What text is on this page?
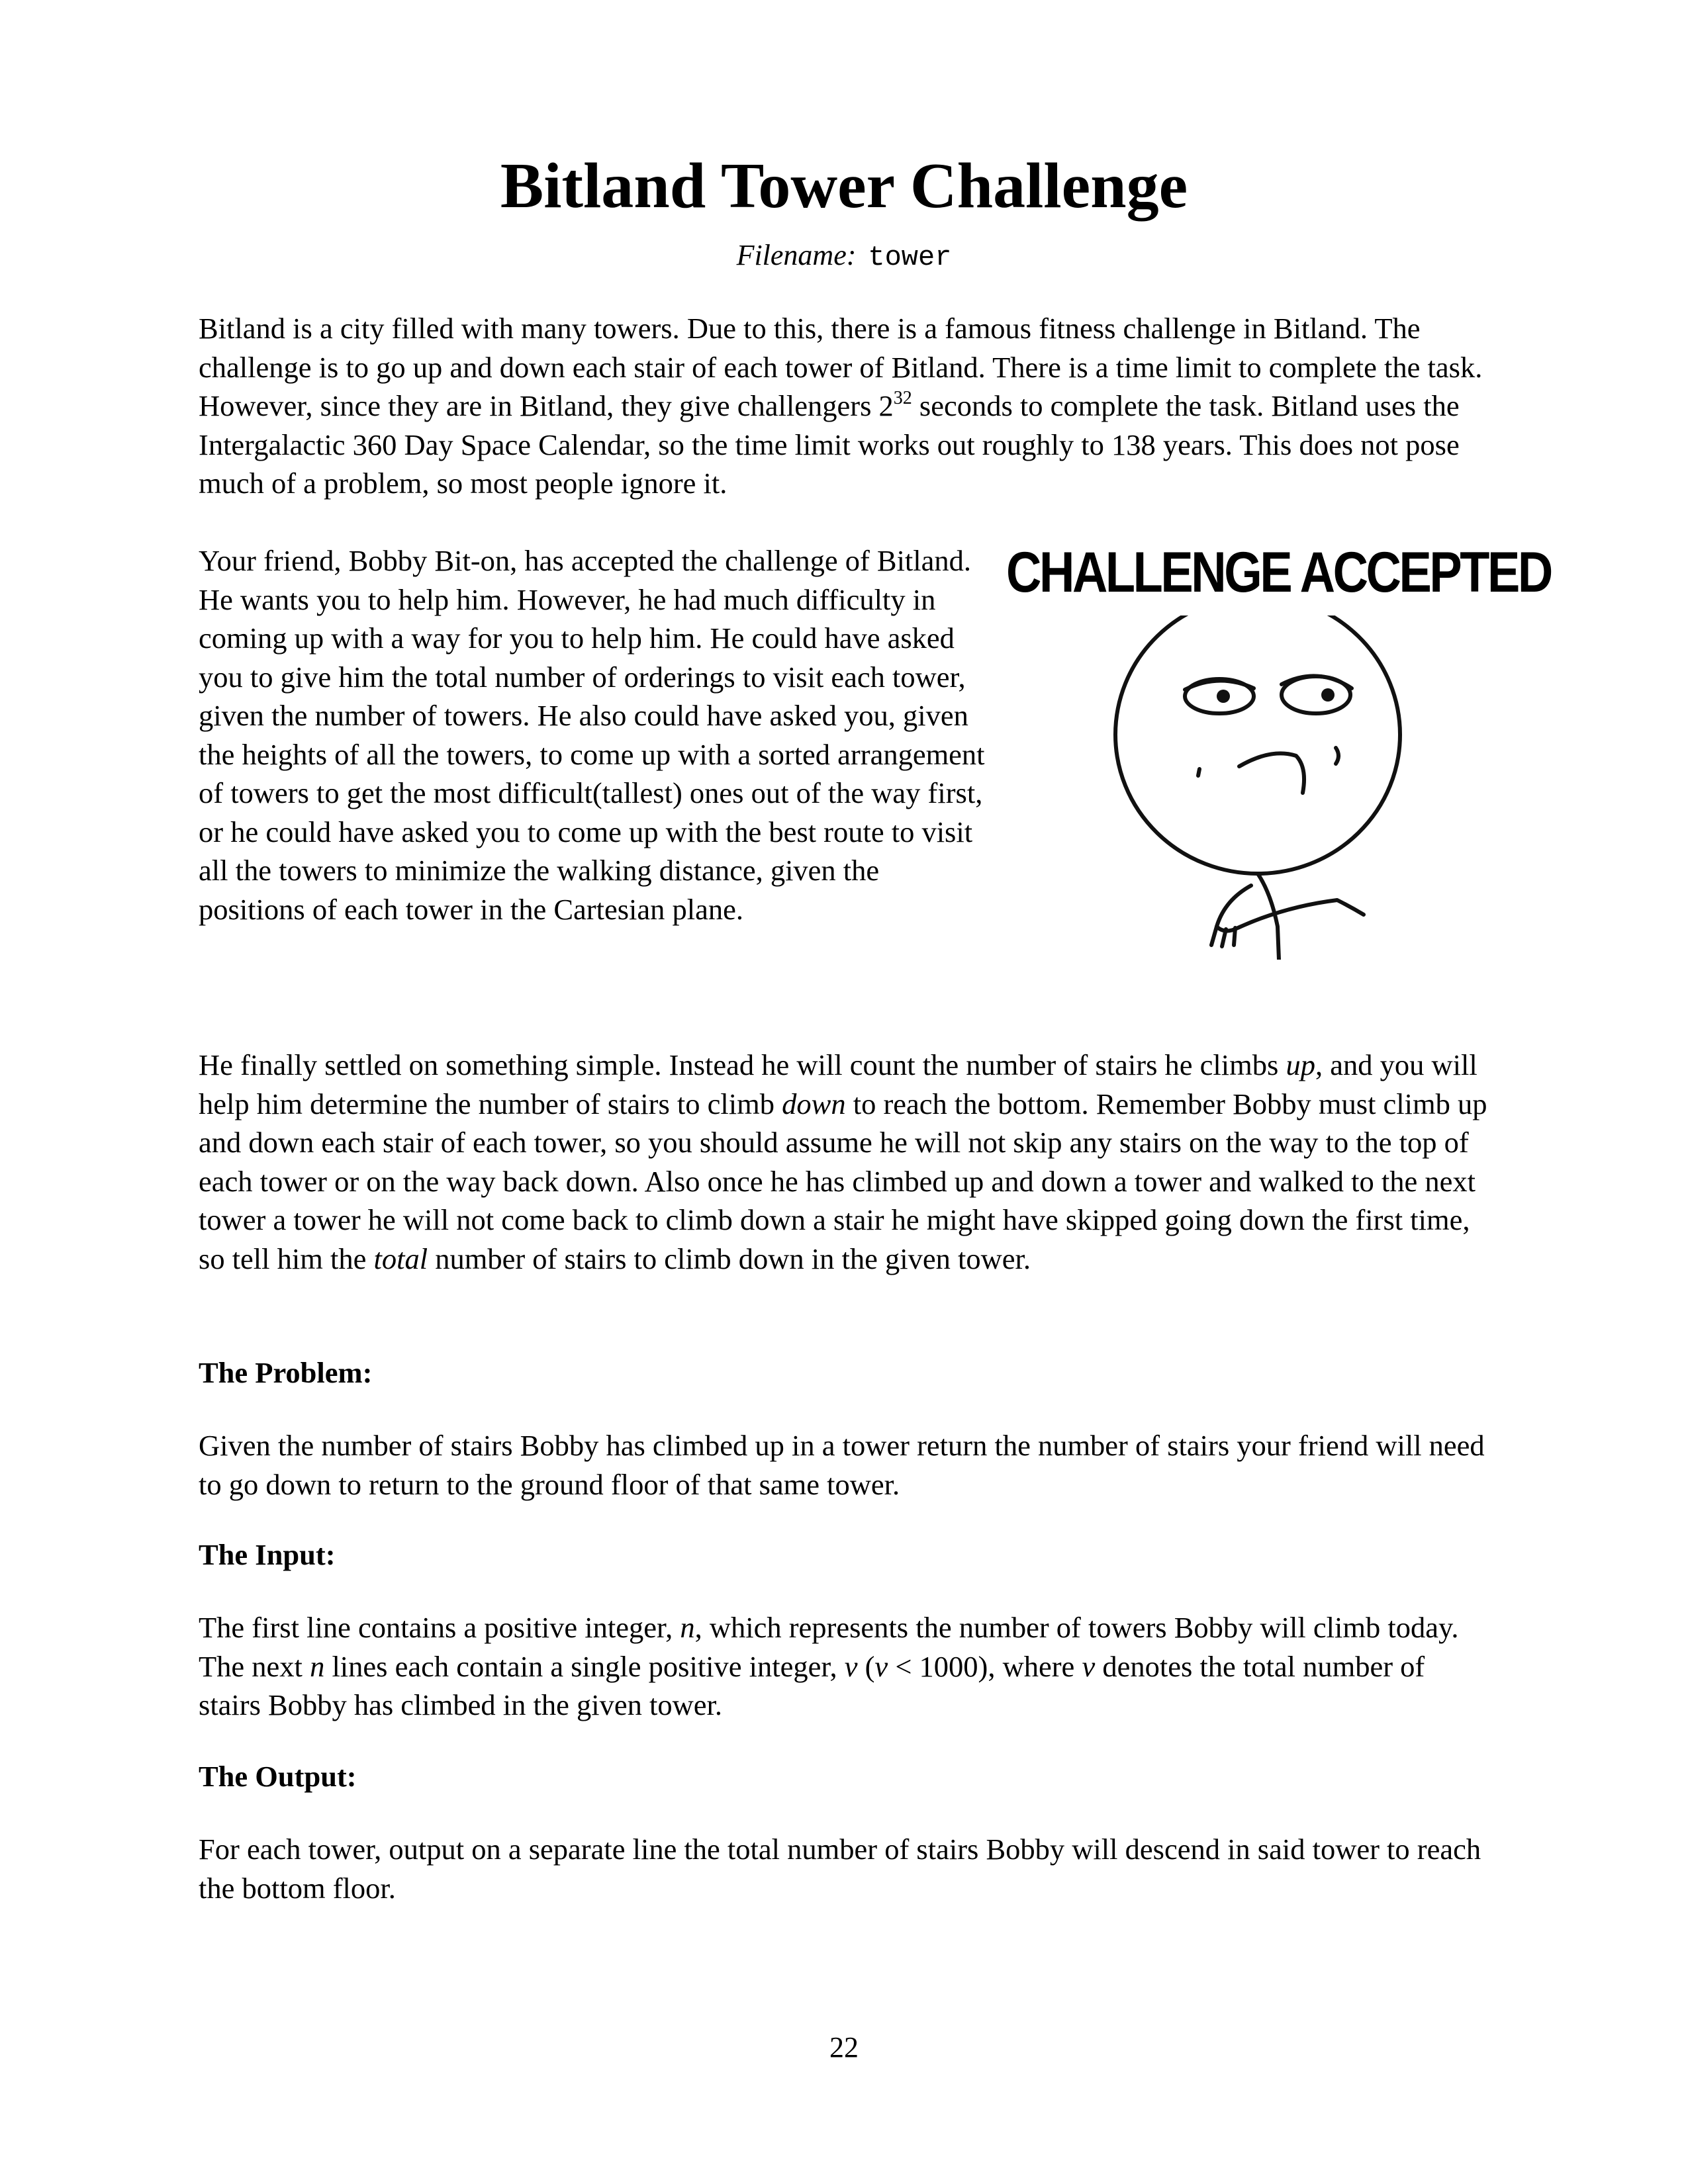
Bitland Tower Challenge
Filename: tower

Bitland is a city filled with many towers. Due to this, there is a famous fitness challenge in Bitland. The challenge is to go up and down each stair of each tower of Bitland. There is a time limit to complete the task. However, since they are in Bitland, they give challengers $2^{32}$ seconds to complete the task. Bitland uses the Intergalactic 360 Day Space Calendar, so the time limit works out roughly to 138 years. This does not pose much of a problem, so most people ignore it.

Your friend, Bobby Bit-on, has accepted the challenge of Bitland. He wants you to help him. However, he had much difficulty in coming up with a way for you to help him. He could have asked you to give him the total number of orderings to visit each tower, given the number of towers. He also could have asked you, given the heights of all the towers, to come up with a sorted arrangement of towers to get the most difficult(tallest) ones out of the way first, or he could have asked you to come up with the best route to visit all the towers to minimize the walking distance, given the positions of each tower in the Cartesian plane.

CHALLENGE ACCEPTED

He finally settled on something simple. Instead he will count the number of stairs he climbs up, and you will help him determine the number of stairs to climb down to reach the bottom. Remember Bobby must climb up and down each stair of each tower, so you should assume he will not skip any stairs on the way to the top of each tower or on the way back down. Also once he has climbed up and down a tower and walked to the next tower a tower he will not come back to climb down a stair he might have skipped going down the first time, so tell him the total number of stairs to climb down in the given tower.

The Problem:

Given the number of stairs Bobby has climbed up in a tower return the number of stairs your friend will need to go down to return to the ground floor of that same tower.

The Input:

The first line contains a positive integer, n, which represents the number of towers Bobby will climb today. The next n lines each contain a single positive integer, v (v < 1000), where v denotes the total number of stairs Bobby has climbed in the given tower.

The Output:

For each tower, output on a separate line the total number of stairs Bobby will descend in said tower to reach the bottom floor.

22
